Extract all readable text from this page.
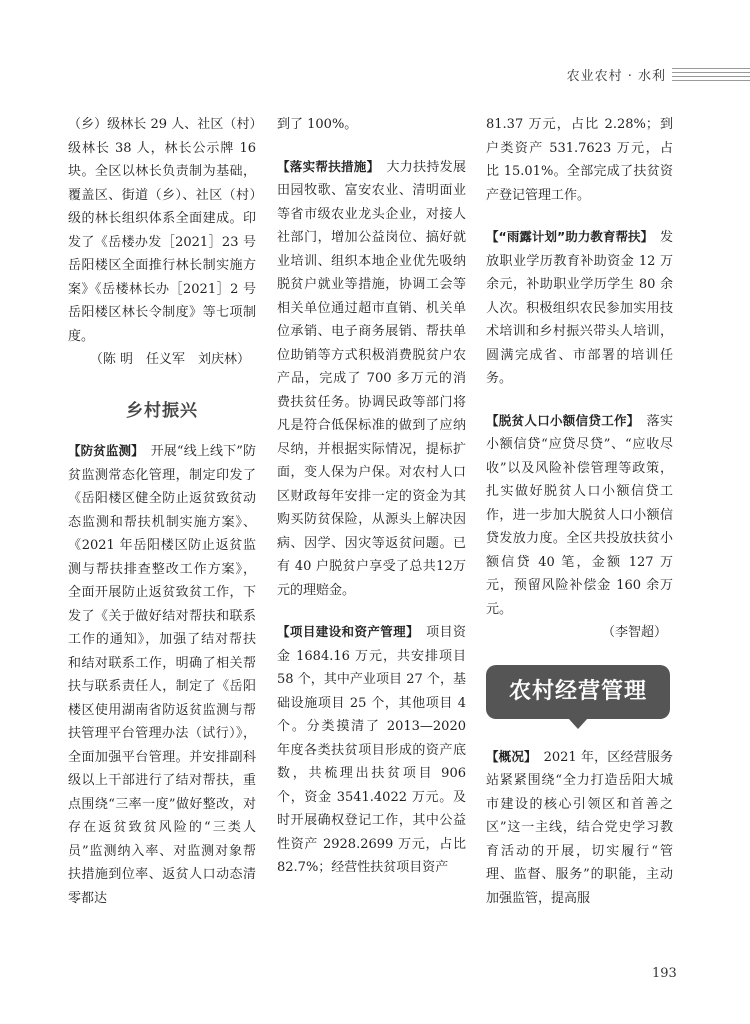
农业农村 · 水利

（乡）级林长 29 人、社区（村）级林长 38 人，林长公示牌 16 块。全区以林长负责制为基础，覆盖区、街道（乡）、社区（村）级的林长组织体系全面建成。印发了《岳楼办发［2021］23 号岳阳楼区全面推行林长制实施方案》《岳楼林长办［2021］2 号岳阳楼区林长令制度》等七项制度。

（陈 明　任义军　刘庆林）

乡村振兴

【防贫监测】　 开展“线上线下”防贫监测常态化管理，制定印发了《岳阳楼区健全防止返贫致贫动态监测和帮扶机制实施方案》、《2021 年岳阳楼区防止返贫监测与帮扶排查整改工作方案》，全面开展防止返贫致贫工作，下发了《关于做好结对帮扶和联系工作的通知》，加强了结对帮扶和结对联系工作，明确了相关帮扶与联系责任人，制定了《岳阳楼区使用湖南省防返贫监测与帮扶管理平台管理办法（试行）》，全面加强平台管理。并安排副科级以上干部进行了结对帮扶，重点围绕“三率一度”做好整改，对存在返贫致贫风险的“三类人员”监测纳入率、对监测对象帮扶措施到位率、返贫人口动态清零都达

到了 100%。

【落实帮扶措施】　 大力扶持发展田园牧歌、富安农业、清明面业等省市级农业龙头企业，对接人社部门，增加公益岗位、搞好就业培训、组织本地企业优先吸纳脱贫户就业等措施，协调工会等相关单位通过超市直销、机关单位承销、电子商务展销、帮扶单位助销等方式积极消费脱贫户农产品，完成了 700 多万元的消费扶贫任务。协调民政等部门将凡是符合低保标准的做到了应纳尽纳，并根据实际情况，提标扩面，变人保为户保。对农村人口区财政每年安排一定的资金为其购买防贫保险，从源头上解决因病、因学、因灾等返贫问题。已有 40 户脱贫户享受了总共12万元的理赔金。

【项目建设和资产管理】　 项目资金 1684.16 万元，共安排项目 58 个，其中产业项目 27 个，基础设施项目 25 个，其他项目 4 个。分类摸清了 2013—2020 年度各类扶贫项目形成的资产底数，共梳理出扶贫项目 906 个，资金 3541.4022 万元。及时开展确权登记工作，其中公益性资产 2928.2699 万元，占比 82.7%；经营性扶贫项目资产

81.37 万元，占比 2.28%；到户类资产 531.7623 万元，占比 15.01%。全部完成了扶贫资产登记管理工作。

【“雨露计划”助力教育帮扶】　 发放职业学历教育补助资金 12 万余元，补助职业学历学生 80 余人次。积极组织农民参加实用技术培训和乡村振兴带头人培训，圆满完成省、市部署的培训任务。

【脱贫人口小额信贷工作】　 落实小额信贷“应贷尽贷”、“应收尽收”以及风险补偿管理等政策，扎实做好脱贫人口小额信贷工作，进一步加大脱贫人口小额信贷发放力度。全区共投放扶贫小额信贷 40 笔，金额 127 万元，预留风险补偿金 160 余万元。

（李智超）

农村经营管理

【概况】　 2021 年，区经营服务站紧紧围绕“全力打造岳阳大城市建设的核心引领区和首善之区”这一主线，结合党史学习教育活动的开展，切实履行“管理、监督、服务”的职能，主动加强监管，提高服

193
